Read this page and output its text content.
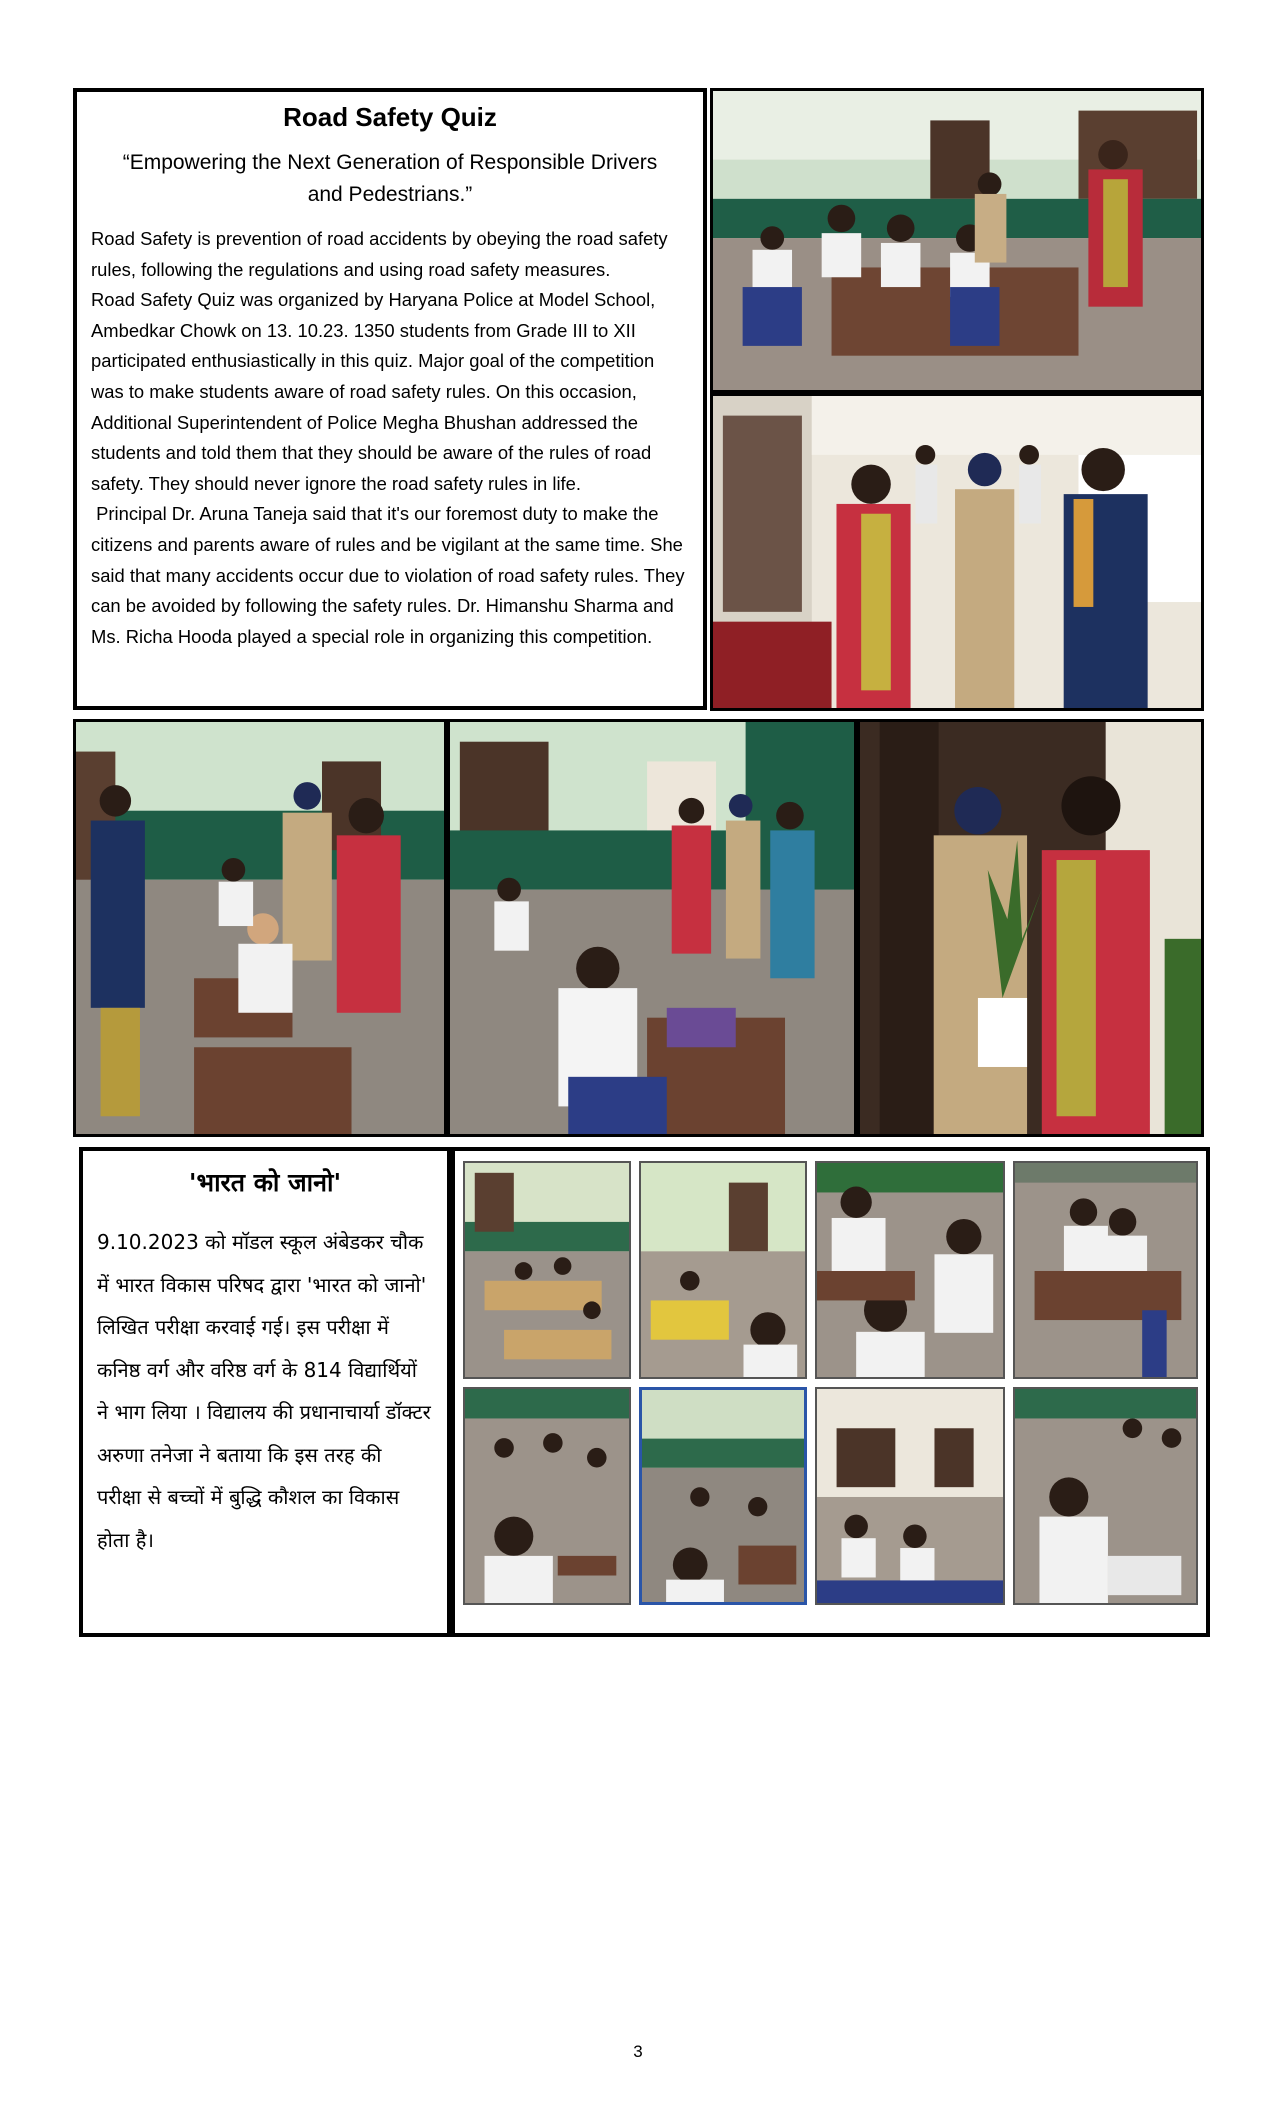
Road Safety Quiz
“Empowering the Next Generation of Responsible Drivers and Pedestrians.”

Road Safety is prevention of road accidents by obeying the road safety rules, following the regulations and using road safety measures.

Road Safety Quiz was organized by Haryana Police at Model School, Ambedkar Chowk on 13. 10.23. 1350 students from Grade III to XII participated enthusiastically in this quiz. Major goal of the competition was to make students aware of road safety rules. On this occasion, Additional Superintendent of Police Megha Bhushan addressed the students and told them that they should be aware of the rules of road safety. They should never ignore the road safety rules in life.

Principal Dr. Aruna Taneja said that it's our foremost duty to make the citizens and parents aware of rules and be vigilant at the same time. She said that many accidents occur due to violation of road safety rules. They can be avoided by following the safety rules. Dr. Himanshu Sharma and Ms. Richa Hooda played a special role in organizing this competition.

'भारत को जानो'
9.10.2023 को मॉडल स्कूल अंबेडकर चौक में भारत विकास परिषद द्वारा 'भारत को जानो' लिखित परीक्षा करवाई गई। इस परीक्षा में कनिष्ठ वर्ग और वरिष्ठ वर्ग के 814 विद्यार्थियों ने भाग लिया । विद्यालय की प्रधानाचार्या डॉक्टर अरुणा तनेजा ने बताया कि इस तरह की परीक्षा से बच्चों में बुद्धि कौशल का विकास होता है।
3
